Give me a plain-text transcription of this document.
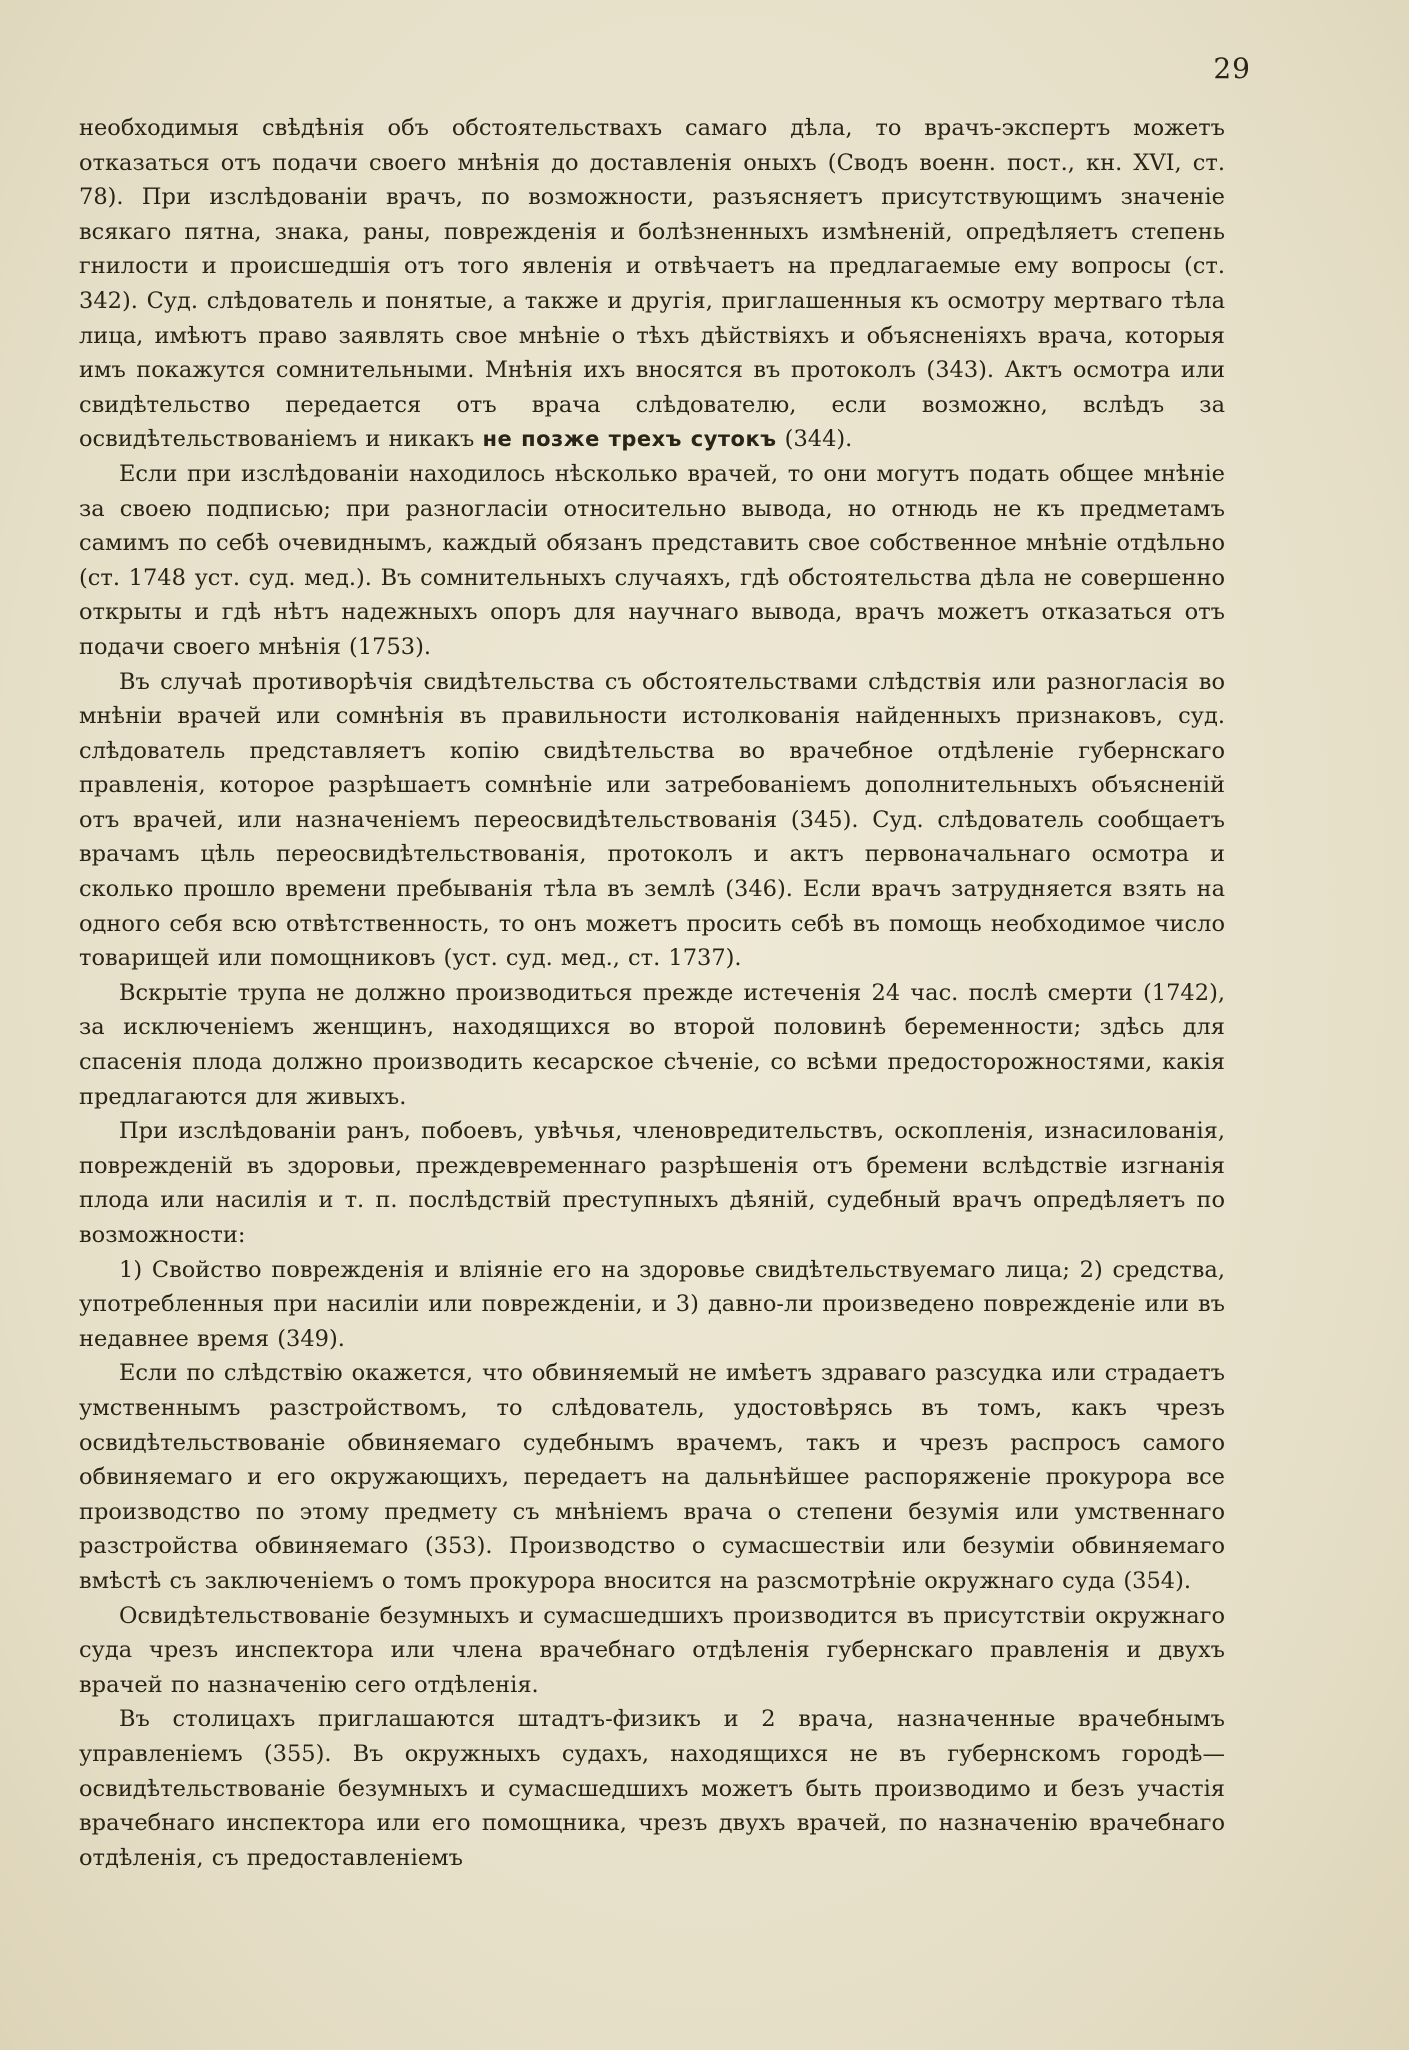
29

необходимыя свѣдѣнія объ обстоятельствахъ самаго дѣла, то врачъ-экспертъ можетъ отказаться отъ подачи своего мнѣнія до доставленія оныхъ (Сводъ военн. пост., кн. XVI, ст. 78). При изслѣдованіи врачъ, по возможности, разъясняетъ присутствующимъ значеніе всякаго пятна, знака, раны, поврежденія и болѣзненныхъ измѣненій, опредѣляетъ степень гнилости и происшедшія отъ того явленія и отвѣчаетъ на предлагаемые ему вопросы (ст. 342). Суд. слѣдователь и понятые, а также и другія, приглашенныя къ осмотру мертваго тѣла лица, имѣютъ право заявлять свое мнѣніе о тѣхъ дѣйствіяхъ и объясненіяхъ врача, которыя имъ покажутся сомнительными. Мнѣнія ихъ вносятся въ протоколъ (343). Актъ осмотра или свидѣтельство передается отъ врача слѣдователю, если возможно, вслѣдъ за освидѣтельствованіемъ и никакъ не позже трехъ сутокъ (344).

Если при изслѣдованіи находилось нѣсколько врачей, то они могутъ подать общее мнѣніе за своею подписью; при разногласіи относительно вывода, но отнюдь не къ предметамъ самимъ по себѣ очевиднымъ, каждый обязанъ представить свое собственное мнѣніе отдѣльно (ст. 1748 уст. суд. мед.). Въ сомнительныхъ случаяхъ, гдѣ обстоятельства дѣла не совершенно открыты и гдѣ нѣтъ надежныхъ опоръ для научнаго вывода, врачъ можетъ отказаться отъ подачи своего мнѣнія (1753).

Въ случаѣ противорѣчія свидѣтельства съ обстоятельствами слѣдствія или разногласія во мнѣніи врачей или сомнѣнія въ правильности истолкованія найденныхъ признаковъ, суд. слѣдователь представляетъ копію свидѣтельства во врачебное отдѣленіе губернскаго правленія, которое разрѣшаетъ сомнѣніе или затребованіемъ дополнительныхъ объясненій отъ врачей, или назначеніемъ переосвидѣтельствованія (345). Суд. слѣдователь сообщаетъ врачамъ цѣль переосвидѣтельствованія, протоколъ и актъ первоначальнаго осмотра и сколько прошло времени пребыванія тѣла въ землѣ (346). Если врачъ затрудняется взять на одного себя всю отвѣтственность, то онъ можетъ просить себѣ въ помощь необходимое число товарищей или помощниковъ (уст. суд. мед., ст. 1737).

Вскрытіе трупа не должно производиться прежде истеченія 24 час. послѣ смерти (1742), за исключеніемъ женщинъ, находящихся во второй половинѣ беременности; здѣсь для спасенія плода должно производить кесарское сѣченіе, со всѣми предосторожностями, какія предлагаются для живыхъ.

При изслѣдованіи ранъ, побоевъ, увѣчья, членовредительствъ, оскопленія, изнасилованія, поврежденій въ здоровьи, преждевременнаго разрѣшенія отъ бремени вслѣдствіе изгнанія плода или насилія и т. п. послѣдствій преступныхъ дѣяній, судебный врачъ опредѣляетъ по возможности:

1) Свойство поврежденія и вліяніе его на здоровье свидѣтельствуемаго лица; 2) средства, употребленныя при насиліи или поврежденіи, и 3) давно-ли произведено поврежденіе или въ недавнее время (349).

Если по слѣдствію окажется, что обвиняемый не имѣетъ здраваго разсудка или страдаетъ умственнымъ разстройствомъ, то слѣдователь, удостовѣрясь въ томъ, какъ чрезъ освидѣтельствованіе обвиняемаго судебнымъ врачемъ, такъ и чрезъ распросъ самого обвиняемаго и его окружающихъ, передаетъ на дальнѣйшее распоряженіе прокурора все производство по этому предмету съ мнѣніемъ врача о степени безумія или умственнаго разстройства обвиняемаго (353). Производство о сумасшествіи или безуміи обвиняемаго вмѣстѣ съ заключеніемъ о томъ прокурора вносится на разсмотрѣніе окружнаго суда (354).

Освидѣтельствованіе безумныхъ и сумасшедшихъ производится въ присутствіи окружнаго суда чрезъ инспектора или члена врачебнаго отдѣленія губернскаго правленія и двухъ врачей по назначенію сего отдѣленія.

Въ столицахъ приглашаются штадтъ-физикъ и 2 врача, назначенные врачебнымъ управленіемъ (355). Въ окружныхъ судахъ, находящихся не въ губернскомъ городѣ—освидѣтельствованіе безумныхъ и сумасшедшихъ можетъ быть производимо и безъ участія врачебнаго инспектора или его помощника, чрезъ двухъ врачей, по назначенію врачебнаго отдѣленія, съ предоставленіемъ
